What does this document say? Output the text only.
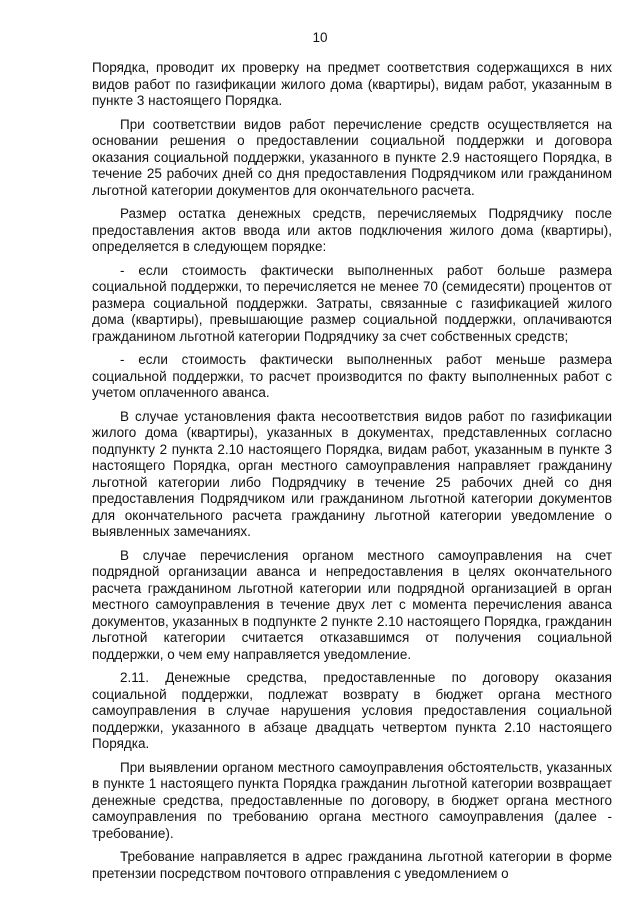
10

Порядка, проводит их проверку на предмет соответствия содержащихся в них видов работ по газификации жилого дома (квартиры), видам работ, указанным в пункте 3 настоящего Порядка.

При соответствии видов работ перечисление средств осуществляется на основании решения о предоставлении социальной поддержки и договора оказания социальной поддержки, указанного в пункте 2.9 настоящего Порядка, в течение 25 рабочих дней со дня предоставления Подрядчиком или гражданином льготной категории документов для окончательного расчета.

Размер остатка денежных средств, перечисляемых Подрядчику после предоставления актов ввода или актов подключения жилого дома (квартиры), определяется в следующем порядке:

- если стоимость фактически выполненных работ больше размера социальной поддержки, то перечисляется не менее 70 (семидесяти) процентов от размера социальной поддержки. Затраты, связанные с газификацией жилого дома (квартиры), превышающие размер социальной поддержки, оплачиваются гражданином льготной категории Подрядчику за счет собственных средств;

- если стоимость фактически выполненных работ меньше размера социальной поддержки, то расчет производится по факту выполненных работ с учетом оплаченного аванса.

В случае установления факта несоответствия видов работ по газификации жилого дома (квартиры), указанных в документах, представленных согласно подпункту 2 пункта 2.10 настоящего Порядка, видам работ, указанным в пункте 3 настоящего Порядка, орган местного самоуправления направляет гражданину льготной категории либо Подрядчику в течение 25 рабочих дней со дня предоставления Подрядчиком или гражданином льготной категории документов для окончательного расчета гражданину льготной категории уведомление о выявленных замечаниях.

В случае перечисления органом местного самоуправления на счет подрядной организации аванса и непредоставления в целях окончательного расчета гражданином льготной категории или подрядной организацией в орган местного самоуправления в течение двух лет с момента перечисления аванса документов, указанных в подпункте 2 пункте 2.10 настоящего Порядка, гражданин льготной категории считается отказавшимся от получения социальной поддержки, о чем ему направляется уведомление.

2.11. Денежные средства, предоставленные по договору оказания социальной поддержки, подлежат возврату в бюджет органа местного самоуправления в случае нарушения условия предоставления социальной поддержки, указанного в абзаце двадцать четвертом пункта 2.10 настоящего Порядка.

При выявлении органом местного самоуправления обстоятельств, указанных в пункте 1 настоящего пункта Порядка гражданин льготной категории возвращает денежные средства, предоставленные по договору, в бюджет органа местного самоуправления по требованию органа местного самоуправления (далее - требование).

Требование направляется в адрес гражданина льготной категории в форме претензии посредством почтового отправления с уведомлением о
